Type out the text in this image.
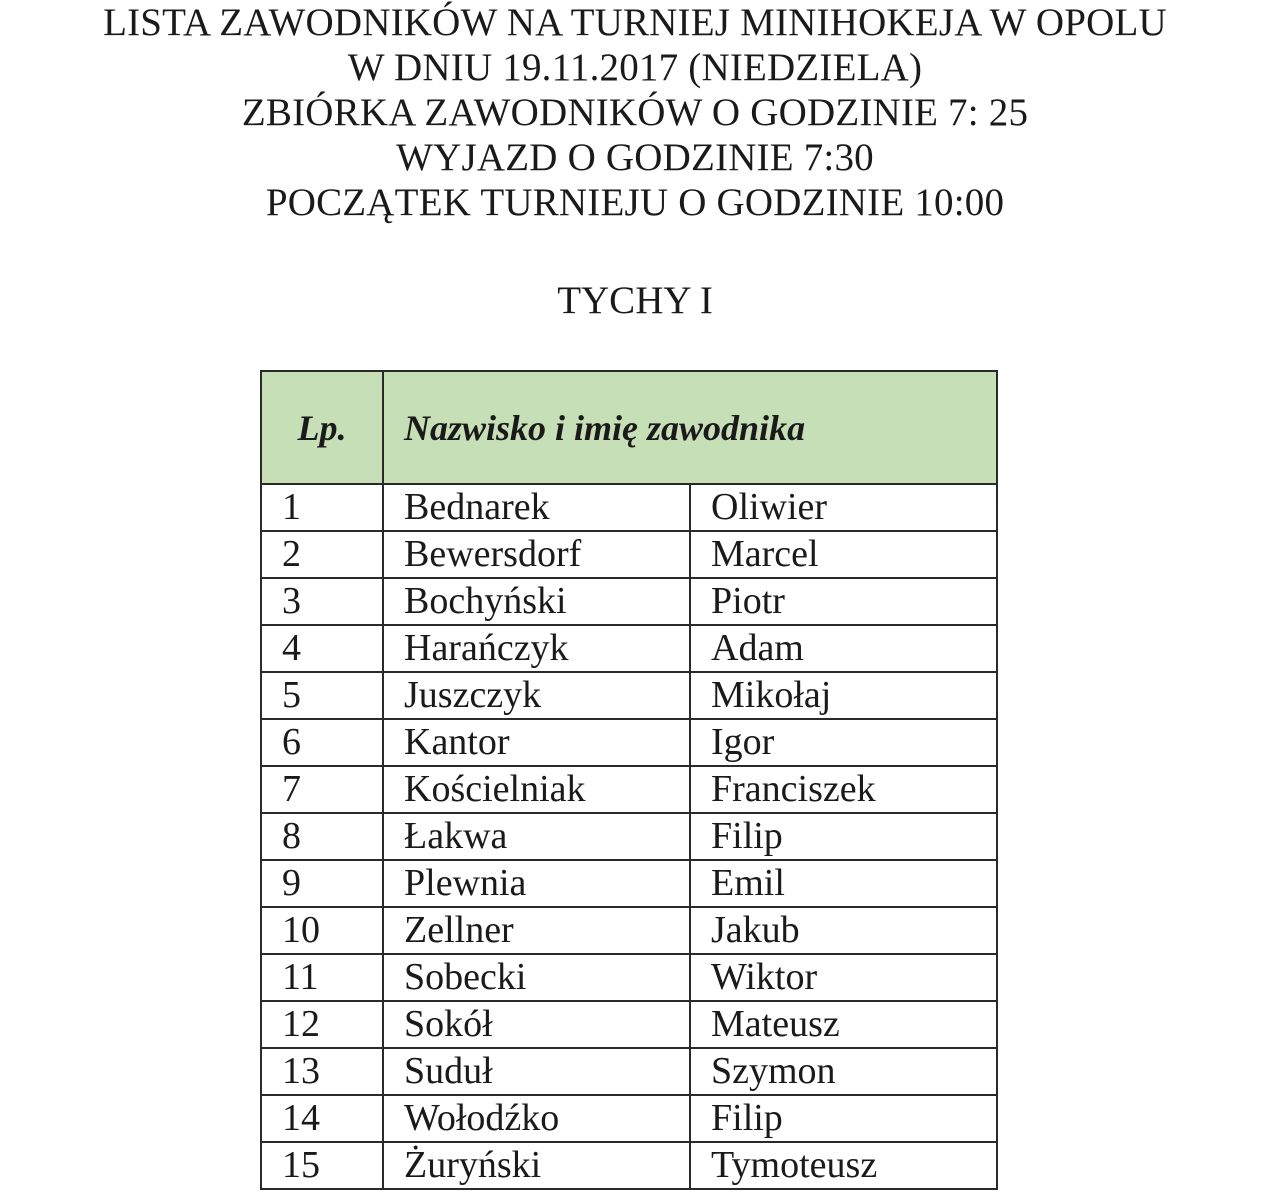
LISTA ZAWODNIKÓW NA TURNIEJ MINIHOKEJA W OPOLU
W DNIU 19.11.2017 (NIEDZIELA)
ZBIÓRKA ZAWODNIKÓW O GODZINIE 7: 25
WYJAZD O GODZINIE 7:30
POCZĄTEK TURNIEJU O GODZINIE 10:00
TYCHY I
Lp.	Nazwisko i imię zawodnika	
1	Bednarek	Oliwier
2	Bewersdorf	Marcel
3	Bochyński	Piotr
4	Harańczyk	Adam
5	Juszczyk	Mikołaj
6	Kantor	Igor
7	Kościelniak	Franciszek
8	Łakwa	Filip
9	Plewnia	Emil
10	Zellner	Jakub
11	Sobecki	Wiktor
12	Sokół	Mateusz
13	Suduł	Szymon
14	Wołodźko	Filip
15	Żuryński	Tymoteusz
